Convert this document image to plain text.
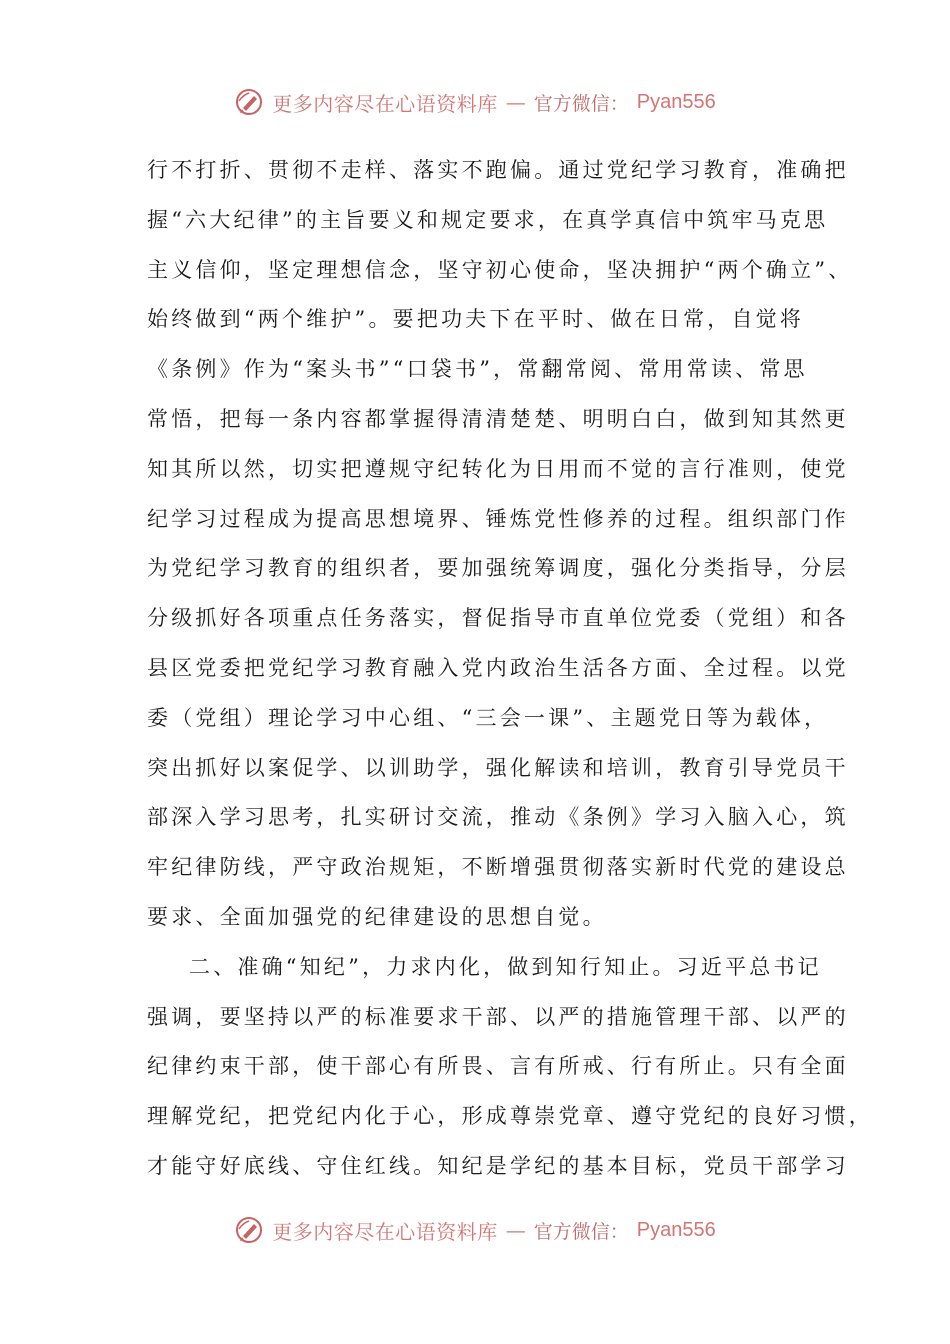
更多内容尽在心语资料库 — 官方微信： Pyan556
行不打折、贯彻不走样、落实不跑偏。通过党纪学习教育，准确把
握“六大纪律”的主旨要义和规定要求，在真学真信中筑牢马克思
主义信仰，坚定理想信念，坚守初心使命，坚决拥护“两个确立”、
始终做到“两个维护”。要把功夫下在平时、做在日常，自觉将
《条例》作为“案头书”“口袋书”，常翻常阅、常用常读、常思
常悟，把每一条内容都掌握得清清楚楚、明明白白，做到知其然更
知其所以然，切实把遵规守纪转化为日用而不觉的言行准则，使党
纪学习过程成为提高思想境界、锤炼党性修养的过程。组织部门作
为党纪学习教育的组织者，要加强统筹调度，强化分类指导，分层
分级抓好各项重点任务落实，督促指导市直单位党委（党组）和各
县区党委把党纪学习教育融入党内政治生活各方面、全过程。以党
委（党组）理论学习中心组、“三会一课”、主题党日等为载体，
突出抓好以案促学、以训助学，强化解读和培训，教育引导党员干
部深入学习思考，扎实研讨交流，推动《条例》学习入脑入心，筑
牢纪律防线，严守政治规矩，不断增强贯彻落实新时代党的建设总
要求、全面加强党的纪律建设的思想自觉。
二、准确“知纪”，力求内化，做到知行知止。习近平总书记
强调，要坚持以严的标准要求干部、以严的措施管理干部、以严的
纪律约束干部，使干部心有所畏、言有所戒、行有所止。只有全面
理解党纪，把党纪内化于心，形成尊崇党章、遵守党纪的良好习惯，
才能守好底线、守住红线。知纪是学纪的基本目标，党员干部学习
更多内容尽在心语资料库 — 官方微信： Pyan556
